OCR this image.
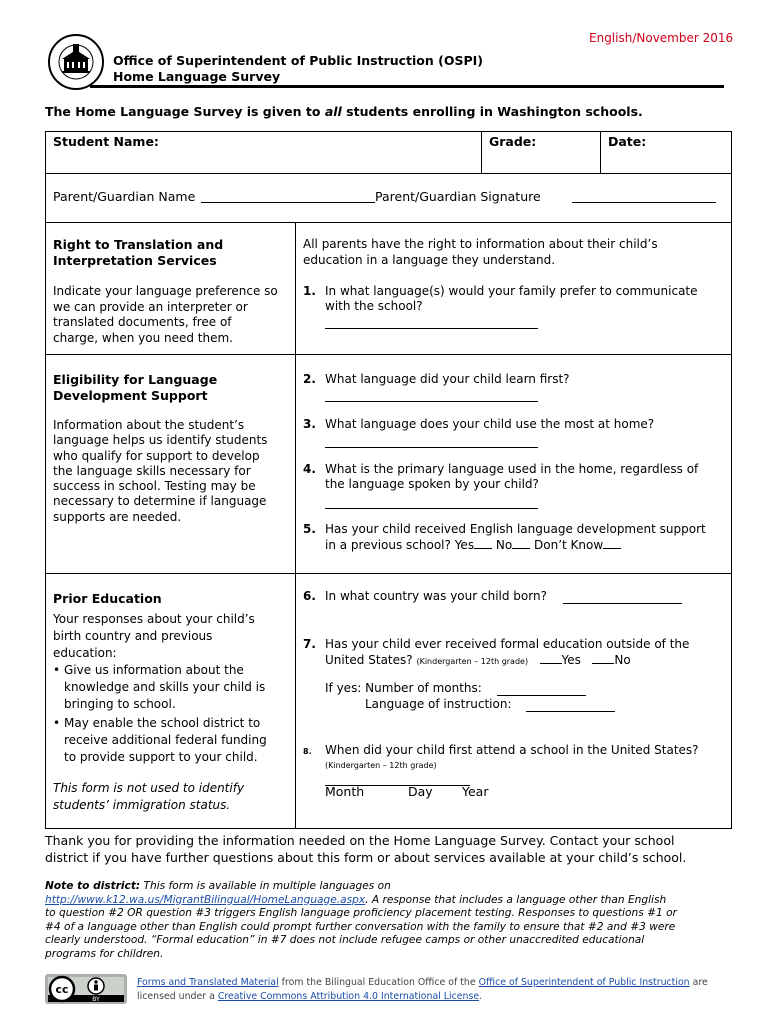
English/November 2016
Office of Superintendent of Public Instruction (OSPI)
Home Language Survey
The Home Language Survey is given to all students enrolling in Washington schools.
Student Name:	Grade:	Date:
Parent/Guardian Name	Parent/Guardian Signature
Right to Translation and
Interpretation Services
Indicate your language preference so
we can provide an interpreter or
translated documents, free of
charge, when you need them.
All parents have the right to information about their child’s
education in a language they understand.
1. In what language(s) would your family prefer to communicate
with the school?
Eligibility for Language
Development Support
Information about the student’s
language helps us identify students
who qualify for support to develop
the language skills necessary for
success in school. Testing may be
necessary to determine if language
supports are needed.
2. What language did your child learn first?
3. What language does your child use the most at home?
4. What is the primary language used in the home, regardless of
the language spoken by your child?
5. Has your child received English language development support
in a previous school? Yes No Don’t Know
Prior Education
Your responses about your child’s
birth country and previous
education:
• Give us information about the
knowledge and skills your child is
bringing to school.
• May enable the school district to
receive additional federal funding
to provide support to your child.
This form is not used to identify
students’ immigration status.
6. In what country was your child born?
7. Has your child ever received formal education outside of the
United States? (Kindergarten – 12th grade)	Yes	No
If yes: Number of months:
Language of instruction:
8. When did your child first attend a school in the United States?
(Kindergarten – 12th grade)
Month	Day Year
Thank you for providing the information needed on the Home Language Survey. Contact your school
district if you have further questions about this form or about services available at your child’s school.
Note to district: This form is available in multiple languages on
http://www.k12.wa.us/MigrantBilingual/HomeLanguage.aspx. A response that includes a language other than English
to question #2 OR question #3 triggers English language proficiency placement testing. Responses to questions #1 or
#4 of a language other than English could prompt further conversation with the family to ensure that #2 and #3 were
clearly understood. “Formal education” in #7 does not include refugee camps or other unaccredited educational
programs for children.
cc
BY
Forms and Translated Material from the Bilingual Education Office of the Office of Superintendent of Public Instruction are
licensed under a Creative Commons Attribution 4.0 International License.
